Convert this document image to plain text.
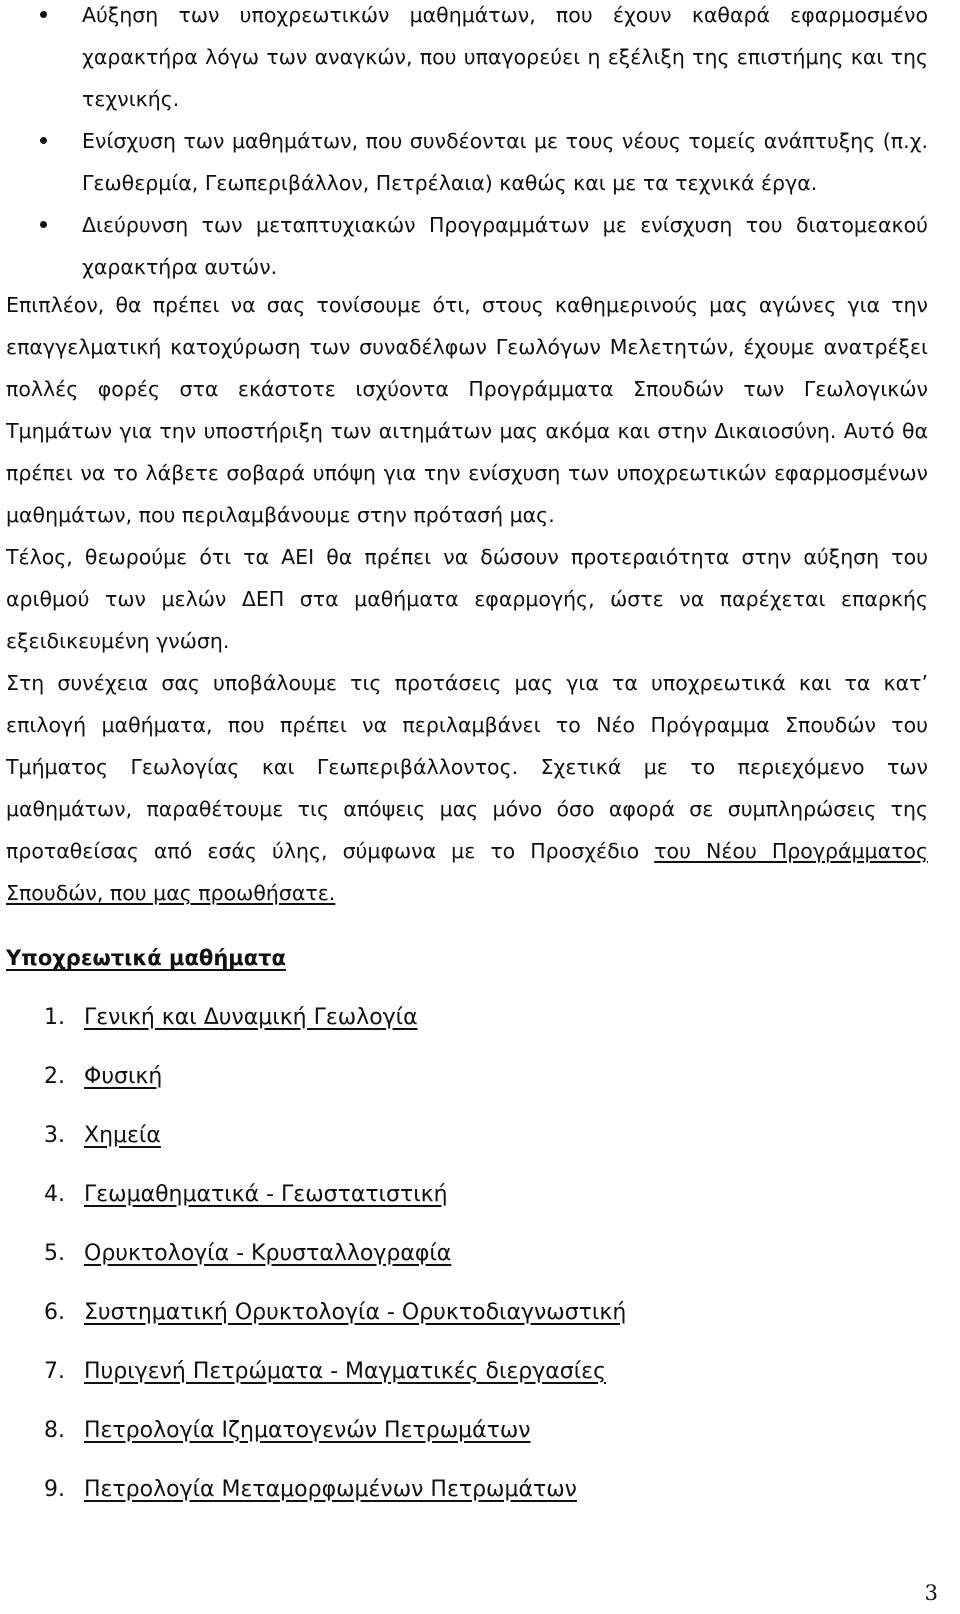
Αύξηση των υποχρεωτικών μαθημάτων, που έχουν καθαρά εφαρμοσμένο χαρακτήρα λόγω των αναγκών, που υπαγορεύει η εξέλιξη της επιστήμης και της τεχνικής.
Ενίσχυση των μαθημάτων, που συνδέονται με τους νέους τομείς ανάπτυξης (π.χ. Γεωθερμία, Γεωπεριβάλλον, Πετρέλαια) καθώς και με τα τεχνικά έργα.
Διεύρυνση των μεταπτυχιακών Προγραμμάτων με ενίσχυση του διατομεακού χαρακτήρα αυτών.

Επιπλέον, θα πρέπει να σας τονίσουμε ότι, στους καθημερινούς μας αγώνες για την επαγγελματική κατοχύρωση των συναδέλφων Γεωλόγων Μελετητών, έχουμε ανατρέξει πολλές φορές στα εκάστοτε ισχύοντα Προγράμματα Σπουδών των Γεωλογικών Τμημάτων για την υποστήριξη των αιτημάτων μας ακόμα και στην Δικαιοσύνη. Αυτό θα πρέπει να το λάβετε σοβαρά υπόψη για την ενίσχυση των υποχρεωτικών εφαρμοσμένων μαθημάτων, που περιλαμβάνουμε στην πρότασή μας.

Τέλος, θεωρούμε ότι τα ΑΕΙ θα πρέπει να δώσουν προτεραιότητα στην αύξηση του αριθμού των μελών ΔΕΠ στα μαθήματα εφαρμογής, ώστε να παρέχεται επαρκής εξειδικευμένη γνώση.

Στη συνέχεια σας υποβάλουμε τις προτάσεις μας για τα υποχρεωτικά και τα κατ’ επιλογή μαθήματα, που πρέπει να περιλαμβάνει το Νέο Πρόγραμμα Σπουδών του Τμήματος Γεωλογίας και Γεωπεριβάλλοντος. Σχετικά με το περιεχόμενο των μαθημάτων, παραθέτουμε τις απόψεις μας μόνο όσο αφορά σε συμπληρώσεις της προταθείσας από εσάς ύλης, σύμφωνα με το Προσχέδιο του Νέου Προγράμματος Σπουδών, που μας προωθήσατε.

Υποχρεωτικά μαθήματα
1. Γενική και Δυναμική Γεωλογία
2. Φυσική
3. Χημεία
4. Γεωμαθηματικά - Γεωστατιστική
5. Ορυκτολογία - Κρυσταλλογραφία
6. Συστηματική Ορυκτολογία - Ορυκτοδιαγνωστική
7. Πυριγενή Πετρώματα - Μαγματικές διεργασίες
8. Πετρολογία Ιζηματογενών Πετρωμάτων
9. Πετρολογία Μεταμορφωμένων Πετρωμάτων
3
